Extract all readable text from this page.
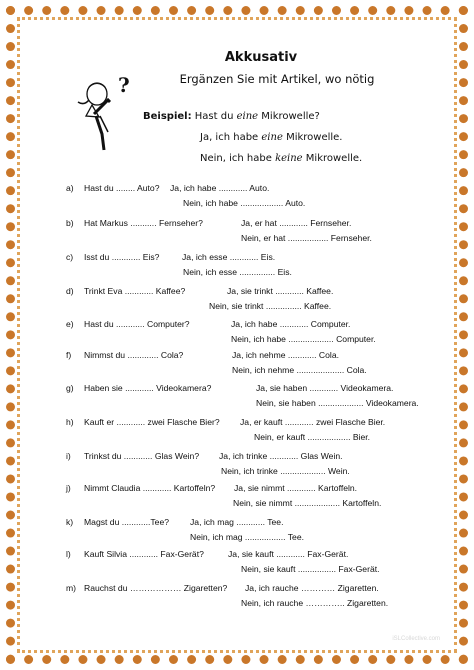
Akkusativ
Ergänzen Sie mit Artikel, wo nötig
?
Beispiel: Hast du eine Mikrowelle?
Ja, ich habe eine Mikrowelle.
Nein, ich habe keine Mikrowelle.
a) Hast du ........ Auto? Ja, ich habe ............ Auto.
Nein, ich habe .................. Auto.
b) Hat Markus ........... Fernseher?	Ja, er hat ............ Fernseher.
Nein, er hat ................. Fernseher.
c) Isst du ............ Eis?	Ja, ich esse ............ Eis.
Nein, ich esse ............... Eis.
d) Trinkt Eva ............ Kaffee?	Ja, sie trinkt ............ Kaffee.
Nein, sie trinkt ............... Kaffee.
e) Hast du ............ Computer?	Ja, ich habe ............ Computer.
Nein, ich habe ................... Computer.
f) Nimmst du ............. Cola?	Ja, ich nehme ............ Cola.
Nein, ich nehme .................... Cola.
g) Haben sie ............ Videokamera?	Ja, sie haben ............ Videokamera.
Nein, sie haben ................... Videokamera.
h) Kauft er ............ zwei Flasche Bier? Ja, er kauft ............ zwei Flasche Bier.
Nein, er kauft .................. Bier.
i) Trinkst du ............ Glas Wein? Ja, ich trinke ............ Glas Wein.
Nein, ich trinke ................... Wein.
j) Nimmt Claudia ............ Kartoffeln? Ja, sie nimmt ............ Kartoffeln.
Nein, sie nimmt ................... Kartoffeln.
k) Magst du ............Tee? Ja, ich mag ............ Tee.
Nein, ich mag ................. Tee.
l) Kauft Silvia ............ Fax-Gerät?	Ja, sie kauft ............ Fax-Gerät.
Nein, sie kauft ................ Fax-Gerät.
m) Rauchst du ……………… Zigaretten? Ja, ich rauche ………… Zigaretten.
Nein, ich rauche ………….. Zigaretten.
iSLCollective.com
